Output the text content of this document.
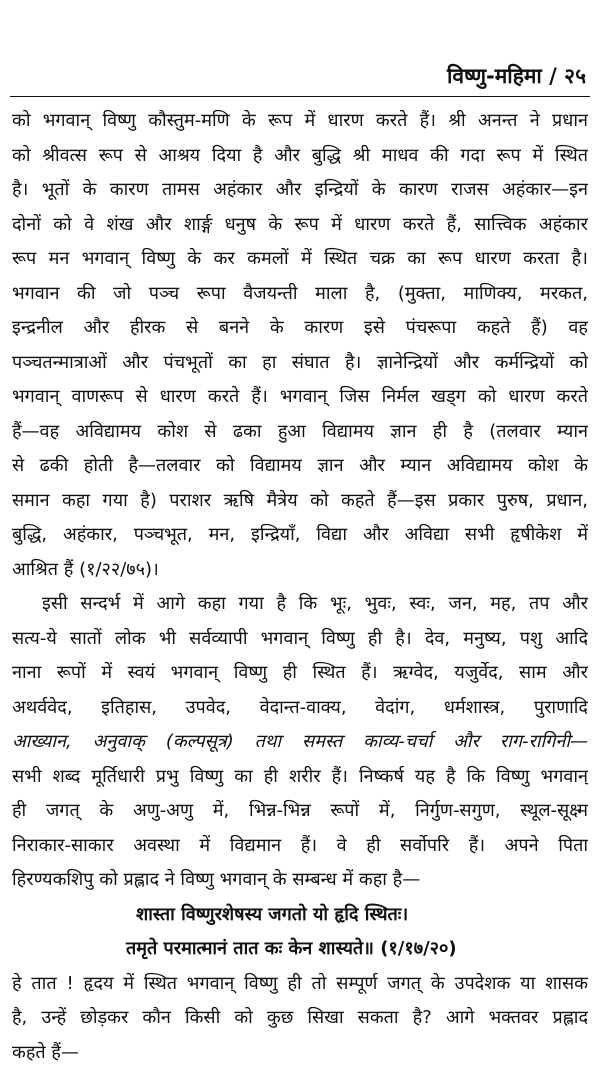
विष्णु-महिमा / २५
को भगवान् विष्णु कौस्तुम-मणि के रूप में धारण करते हैं। श्री अनन्त ने प्रधान
को श्रीवत्स रूप से आश्रय दिया है और बुद्धि श्री माधव की गदा रूप में स्थित
है। भूतों के कारण तामस अहंकार और इन्द्रियों के कारण राजस अहंकार—इन
दोनों को वे शंख और शार्ङ्ग धनुष के रूप में धारण करते हैं, सात्त्विक अहंकार
रूप मन भगवान् विष्णु के कर कमलों में स्थित चक्र का रूप धारण करता है।
भगवान की जो पञ्च रूपा वैजयन्ती माला है, (मुक्ता, माणिक्य, मरकत,
इन्द्रनील और हीरक से बनने के कारण इसे पंचरूपा कहते हैं) वह
पञ्चतन्मात्राओं और पंचभूतों का हा संघात है। ज्ञानेन्द्रियों और कर्मन्द्रियों को
भगवान् वाणरूप से धारण करते हैं। भगवान् जिस निर्मल खड्ग को धारण करते
हैं—वह अविद्यामय कोश से ढका हुआ विद्यामय ज्ञान ही है (तलवार म्यान
से ढकी होती है—तलवार को विद्यामय ज्ञान और म्यान अविद्यामय कोश के
समान कहा गया है) पराशर ऋषि मैत्रेय को कहते हैं—इस प्रकार पुरुष, प्रधान,
बुद्धि, अहंकार, पञ्चभूत, मन, इन्द्रियाँ, विद्या और अविद्या सभी हृषीकेश में
आश्रित हैं (१/२२/७५)।
इसी सन्दर्भ में आगे कहा गया है कि भूः, भुवः, स्वः, जन, मह, तप और
सत्य-ये सातों लोक भी सर्वव्यापी भगवान् विष्णु ही है। देव, मनुष्य, पशु आदि
नाना रूपों में स्वयं भगवान् विष्णु ही स्थित हैं। ऋग्वेद, यजुर्वेद, साम और
अथर्ववेद, इतिहास, उपवेद, वेदान्त-वाक्य, वेदांग, धर्मशास्त्र, पुराणादि
आख्यान, अनुवाक् (कल्पसूत्र) तथा समस्त काव्य-चर्चा और राग-रागिनी—
सभी शब्द मूर्तिधारी प्रभु विष्णु का ही शरीर हैं। निष्कर्ष यह है कि विष्णु भगवान्
ही जगत् के अणु-अणु में, भिन्न-भिन्न रूपों में, निर्गुण-सगुण, स्थूल-सूक्ष्म
निराकार-साकार अवस्था में विद्यमान हैं। वे ही सर्वोपरि हैं। अपने पिता
हिरण्यकशिपु को प्रह्लाद ने विष्णु भगवान् के सम्बन्ध में कहा है—
शास्ता विष्णुरशेषस्य जगतो यो हृदि स्थितः।
तमृते परमात्मानं तात कः केन शास्यते॥ (१/१७/२०)
हे तात ! हृदय में स्थित भगवान् विष्णु ही तो सम्पूर्ण जगत् के उपदेशक या शासक
है, उन्हें छोड़कर कौन किसी को कुछ सिखा सकता है? आगे भक्तवर प्रह्लाद
कहते हैं—
